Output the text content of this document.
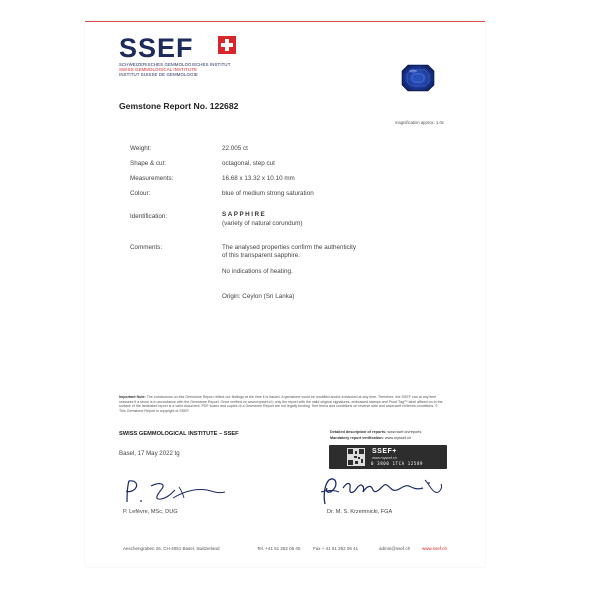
SSEF
SCHWEIZERISCHES GEMMOLOGISCHES INSTITUT
SWISS GEMMOLOGICAL INSTITUTE
INSTITUT SUISSE DE GEMMOLOGIE
magnification approx. 1.0x
Gemstone Report No. 122682
Weight:	22.005 ct
Shape & cut:	octagonal, step cut
Measurements:	16.68 x 13.32 x 10.10 mm
Colour:	blue of medium strong saturation
Identification:	SAPPHIRE
(variety of natural corundum)
Comments:	The analysed properties confirm the authenticity
of this transparent sapphire.
No indications of heating.
Origin: Ceylon (Sri Lanka)
Important Note: The conclusions on this Gemstone Report reflect our findings at the time it is issued. A gemstone could be modified and/or enhanced at any time. Therefore, the SSEF can at any time reassess if a stone is in accordance with the Gemstone Report. Once verified on www.myssef.ch, only the report with the valid original signatures, embossed stamps and Proof Tag™ label affixed on to the surface of the laminated report is a valid document. PDF scans and copies of a Gemstone Report are not legally binding. See terms and conditions on reverse side and www.ssef.ch/terms-conditions. © This Gemstone Report is copyright of SSEF.
SWISS GEMMOLOGICAL INSTITUTE – SSEF
Basel, 17 May 2022 tg
Detailed description of reports: www.ssef.ch/reports
Mandatory report verification: www.myssef.ch
SSEF+
www.myssef.ch
0 3800 1TCA 12589
P. Lefèvre, MSc, DUG	Dr. M. S. Krzemnicki, FGA
Aeschengraben 26, CH-4051 Basel, Switzerland	Tel. +41 61 262 06 40	Fax + 41 61 262 06 41	admin@ssef.ch	www.ssef.ch
